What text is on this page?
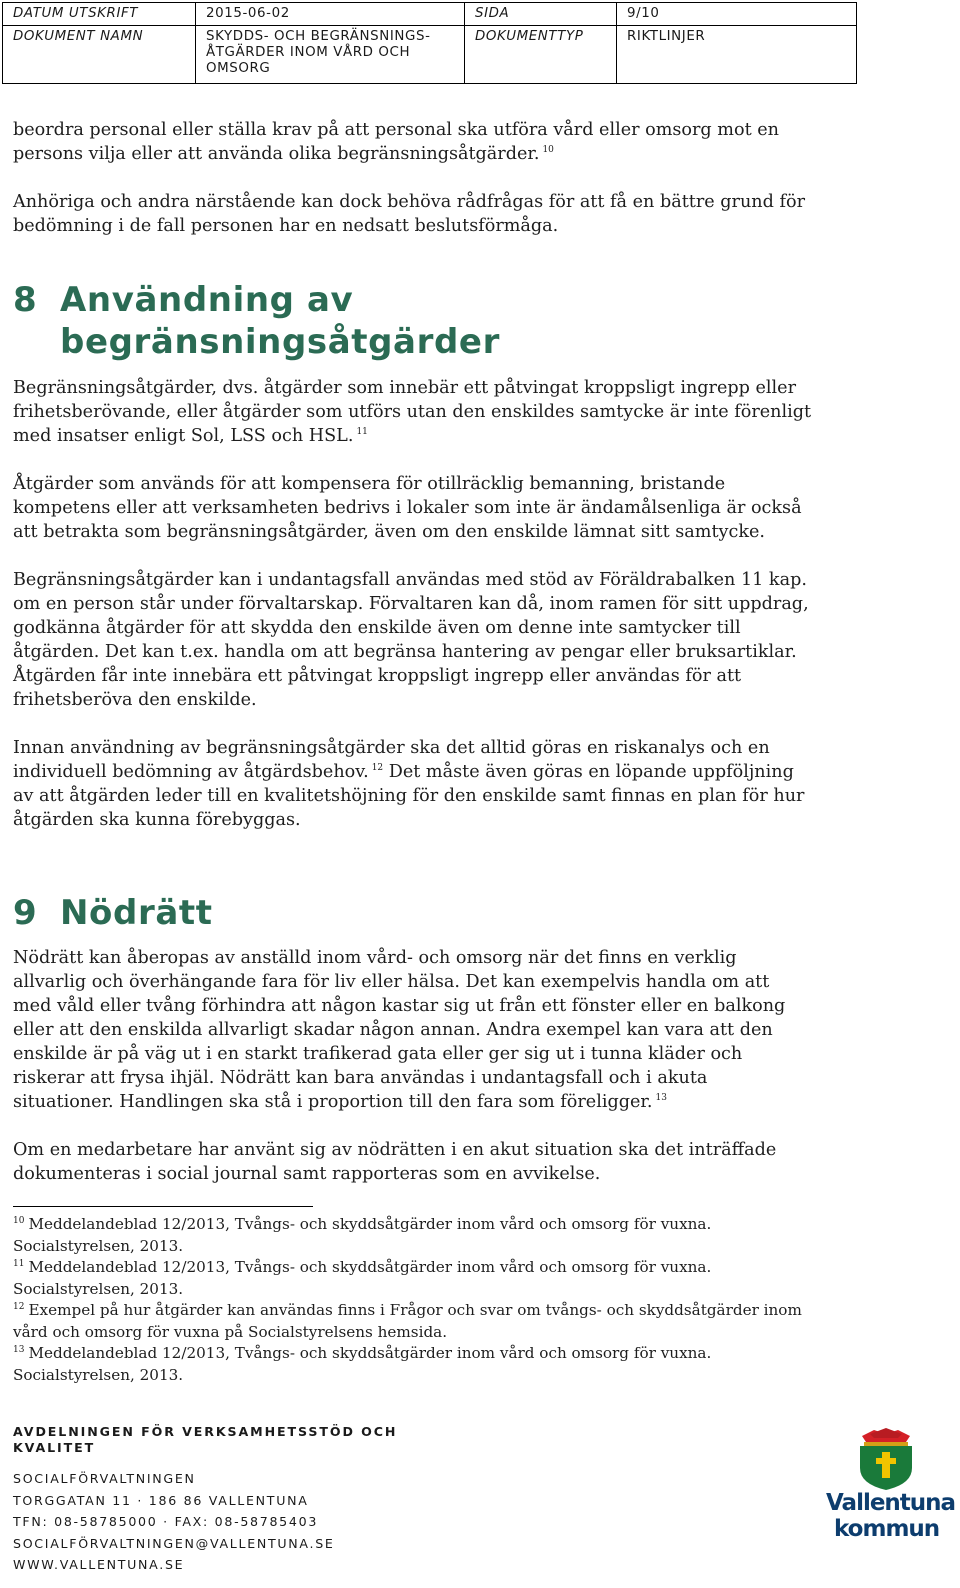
DATUM UTSKRIFT	2015-06-02	SIDA	9/10
DOKUMENT NAMN	SKYDDS- OCH BEGRÄNSNINGS-ÅTGÄRDER INOM VÅRD OCH OMSORG	DOKUMENTTYP	RIKTLINJER

beordra personal eller ställa krav på att personal ska utföra vård eller omsorg mot en persons vilja eller att använda olika begränsningsåtgärder. $^{10}$

Anhöriga och andra närstående kan dock behöva rådfrågas för att få en bättre grund för bedömning i de fall personen har en nedsatt beslutsförmåga.

8 Användning av
begränsningsåtgärder

Begränsningsåtgärder, dvs. åtgärder som innebär ett påtvingat kroppsligt ingrepp eller frihetsberövande, eller åtgärder som utförs utan den enskildes samtycke är inte förenligt med insatser enligt Sol, LSS och HSL. $^{11}$

Åtgärder som används för att kompensera för otillräcklig bemanning, bristande kompetens eller att verksamheten bedrivs i lokaler som inte är ändamålsenliga är också att betrakta som begränsningsåtgärder, även om den enskilde lämnat sitt samtycke.

Begränsningsåtgärder kan i undantagsfall användas med stöd av Föräldrabalken 11 kap. om en person står under förvaltarskap. Förvaltaren kan då, inom ramen för sitt uppdrag, godkänna åtgärder för att skydda den enskilde även om denne inte samtycker till åtgärden. Det kan t.ex. handla om att begränsa hantering av pengar eller bruksartiklar. Åtgärden får inte innebära ett påtvingat kroppsligt ingrepp eller användas för att frihetsberöva den enskilde.

Innan användning av begränsningsåtgärder ska det alltid göras en riskanalys och en individuell bedömning av åtgärdsbehov. $^{12}$ Det måste även göras en löpande uppföljning av att åtgärden leder till en kvalitetshöjning för den enskilde samt finnas en plan för hur åtgärden ska kunna förebyggas.

9 Nödrätt

Nödrätt kan åberopas av anställd inom vård- och omsorg när det finns en verklig allvarlig och överhängande fara för liv eller hälsa. Det kan exempelvis handla om att med våld eller tvång förhindra att någon kastar sig ut från ett fönster eller en balkong eller att den enskilda allvarligt skadar någon annan. Andra exempel kan vara att den enskilde är på väg ut i en starkt trafikerad gata eller ger sig ut i tunna kläder och riskerar att frysa ihjäl. Nödrätt kan bara användas i undantagsfall och i akuta situationer. Handlingen ska stå i proportion till den fara som föreligger. $^{13}$

Om en medarbetare har använt sig av nödrätten i en akut situation ska det inträffade dokumenteras i social journal samt rapporteras som en avvikelse.

$^{10}$ Meddelandeblad 12/2013, Tvångs- och skyddsåtgärder inom vård och omsorg för vuxna. Socialstyrelsen, 2013.

$^{11}$ Meddelandeblad 12/2013, Tvångs- och skyddsåtgärder inom vård och omsorg för vuxna. Socialstyrelsen, 2013.

$^{12}$ Exempel på hur åtgärder kan användas finns i Frågor och svar om tvångs- och skyddsåtgärder inom vård och omsorg för vuxna på Socialstyrelsens hemsida.

$^{13}$ Meddelandeblad 12/2013, Tvångs- och skyddsåtgärder inom vård och omsorg för vuxna. Socialstyrelsen, 2013.

AVDELNINGEN FÖR VERKSAMHETSSTÖD OCH KVALITET
SOCIALFÖRVALTNINGEN
TORGGATAN 11 · 186 86 VALLENTUNA
TFN: 08-58785000 · FAX: 08-58785403
SOCIALFÖRVALTNINGEN@VALLENTUNA.SE
WWW.VALLENTUNA.SE
Vallentuna
kommun
